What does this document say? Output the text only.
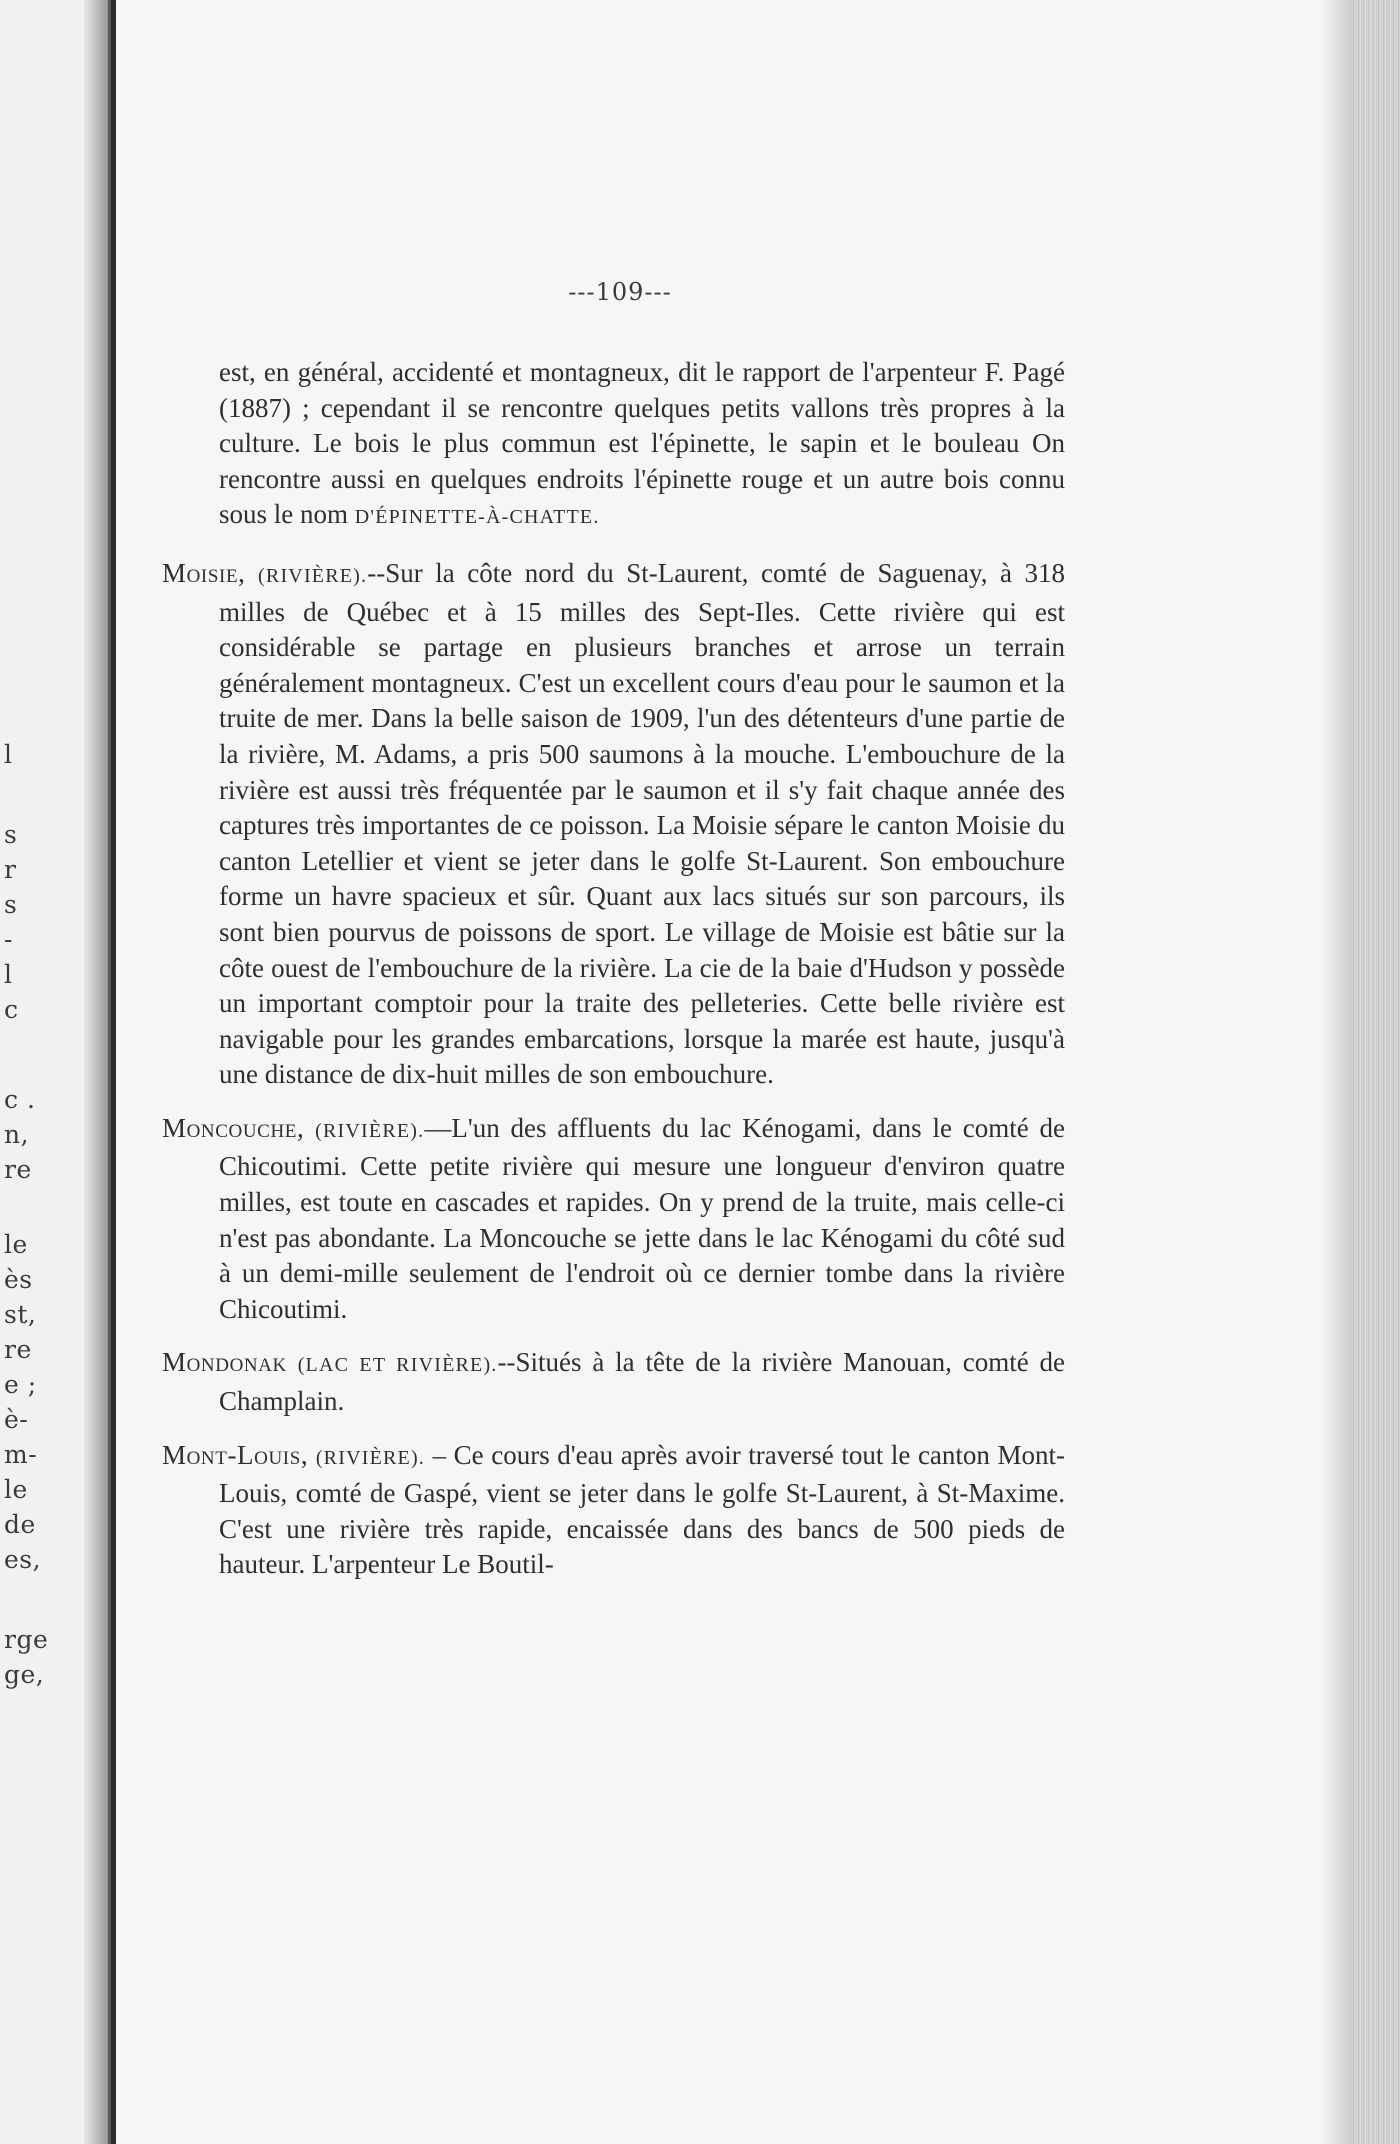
l
s
r
s
-
l
c
c .
n,
re
le
ès
st,
re
e ;
è-
m-
le
de
es,
rge
ge,
---109---

est, en général, accidenté et montagneux, dit le rapport de l'arpenteur F. Pagé (1887) ; cependant il se rencontre quelques petits vallons très propres à la culture. Le bois le plus commun est l'épinette, le sapin et le bouleau On rencontre aussi en quelques endroits l'épinette rouge et un autre bois connu sous le nom D'ÉPINETTE-À-CHATTE.

Moisie, (RIVIÈRE).--Sur la côte nord du St-Laurent, comté de Saguenay, à 318 milles de Québec et à 15 milles des Sept-Iles. Cette rivière qui est considérable se partage en plusieurs branches et arrose un terrain généralement montagneux. C'est un excellent cours d'eau pour le saumon et la truite de mer. Dans la belle saison de 1909, l'un des détenteurs d'une partie de la rivière, M. Adams, a pris 500 saumons à la mouche. L'embouchure de la rivière est aussi très fréquentée par le saumon et il s'y fait chaque année des captures très importantes de ce poisson. La Moisie sépare le canton Moisie du canton Letellier et vient se jeter dans le golfe St-Laurent. Son embouchure forme un havre spacieux et sûr. Quant aux lacs situés sur son parcours, ils sont bien pourvus de poissons de sport. Le village de Moisie est bâtie sur la côte ouest de l'embouchure de la rivière. La cie de la baie d'Hudson y possède un important comptoir pour la traite des pelleteries. Cette belle rivière est navigable pour les grandes embarcations, lorsque la marée est haute, jusqu'à une distance de dix-huit milles de son embouchure.

Moncouche, (RIVIÈRE).—L'un des affluents du lac Kénogami, dans le comté de Chicoutimi. Cette petite rivière qui mesure une longueur d'environ quatre milles, est toute en cascades et rapides. On y prend de la truite, mais celle-ci n'est pas abondante. La Moncouche se jette dans le lac Kénogami du côté sud à un demi-mille seulement de l'endroit où ce dernier tombe dans la rivière Chicoutimi.

Mondonak (LAC ET RIVIÈRE).--Situés à la tête de la rivière Manouan, comté de Champlain.

Mont-Louis, (RIVIÈRE). – Ce cours d'eau après avoir traversé tout le canton Mont-Louis, comté de Gaspé, vient se jeter dans le golfe St-Laurent, à St-Maxime. C'est une rivière très rapide, encaissée dans des bancs de 500 pieds de hauteur. L'arpenteur Le Boutil-
